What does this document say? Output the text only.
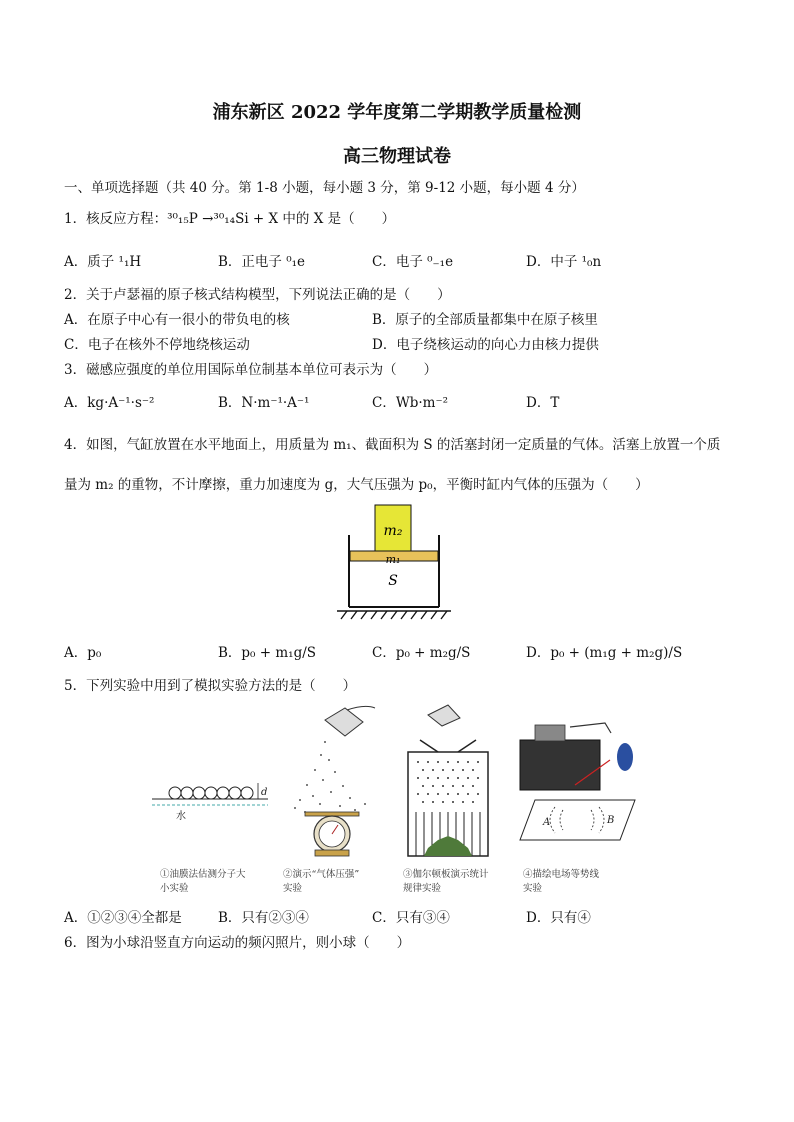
浦东新区 2022 学年度第二学期教学质量检测
高三物理试卷
一、单项选择题（共 40 分。第 1-8 小题，每小题 3 分，第 9-12 小题，每小题 4 分）
1．核反应方程：³⁰₁₅P →³⁰₁₄Si + X 中的 X 是（　　）
A．质子 ¹₁H	B．正电子 ⁰₁e	C．电子 ⁰₋₁e	D．中子 ¹₀n
2．关于卢瑟福的原子核式结构模型，下列说法正确的是（　　）
A．在原子中心有一很小的带负电的核	B．原子的全部质量都集中在原子核里
C．电子在核外不停地绕核运动	D．电子绕核运动的向心力由核力提供
3．磁感应强度的单位用国际单位制基本单位可表示为（　　）
A．kg·A⁻¹·s⁻²	B．N·m⁻¹·A⁻¹	C．Wb·m⁻²	D．T
4．如图，气缸放置在水平地面上，用质量为 m₁、截面积为 S 的活塞封闭一定质量的气体。活塞上放置一个质
量为 m₂ 的重物，不计摩擦，重力加速度为 g，大气压强为 p₀，平衡时缸内气体的压强为（　　）
m₂
m₁
S
A．p₀	B．p₀ + m₁g/S	C．p₀ + m₂g/S	D．p₀ + (m₁g + m₂g)/S
5．下列实验中用到了模拟实验方法的是（　　）
d
水
A	B
①油膜法估测分子大
小实验
②演示“气体压强”
实验
③伽尔顿板演示统计
规律实验
④描绘电场等势线
实验
A．①②③④全都是	B．只有②③④	C．只有③④	D．只有④
6．图为小球沿竖直方向运动的频闪照片，则小球（　　）
